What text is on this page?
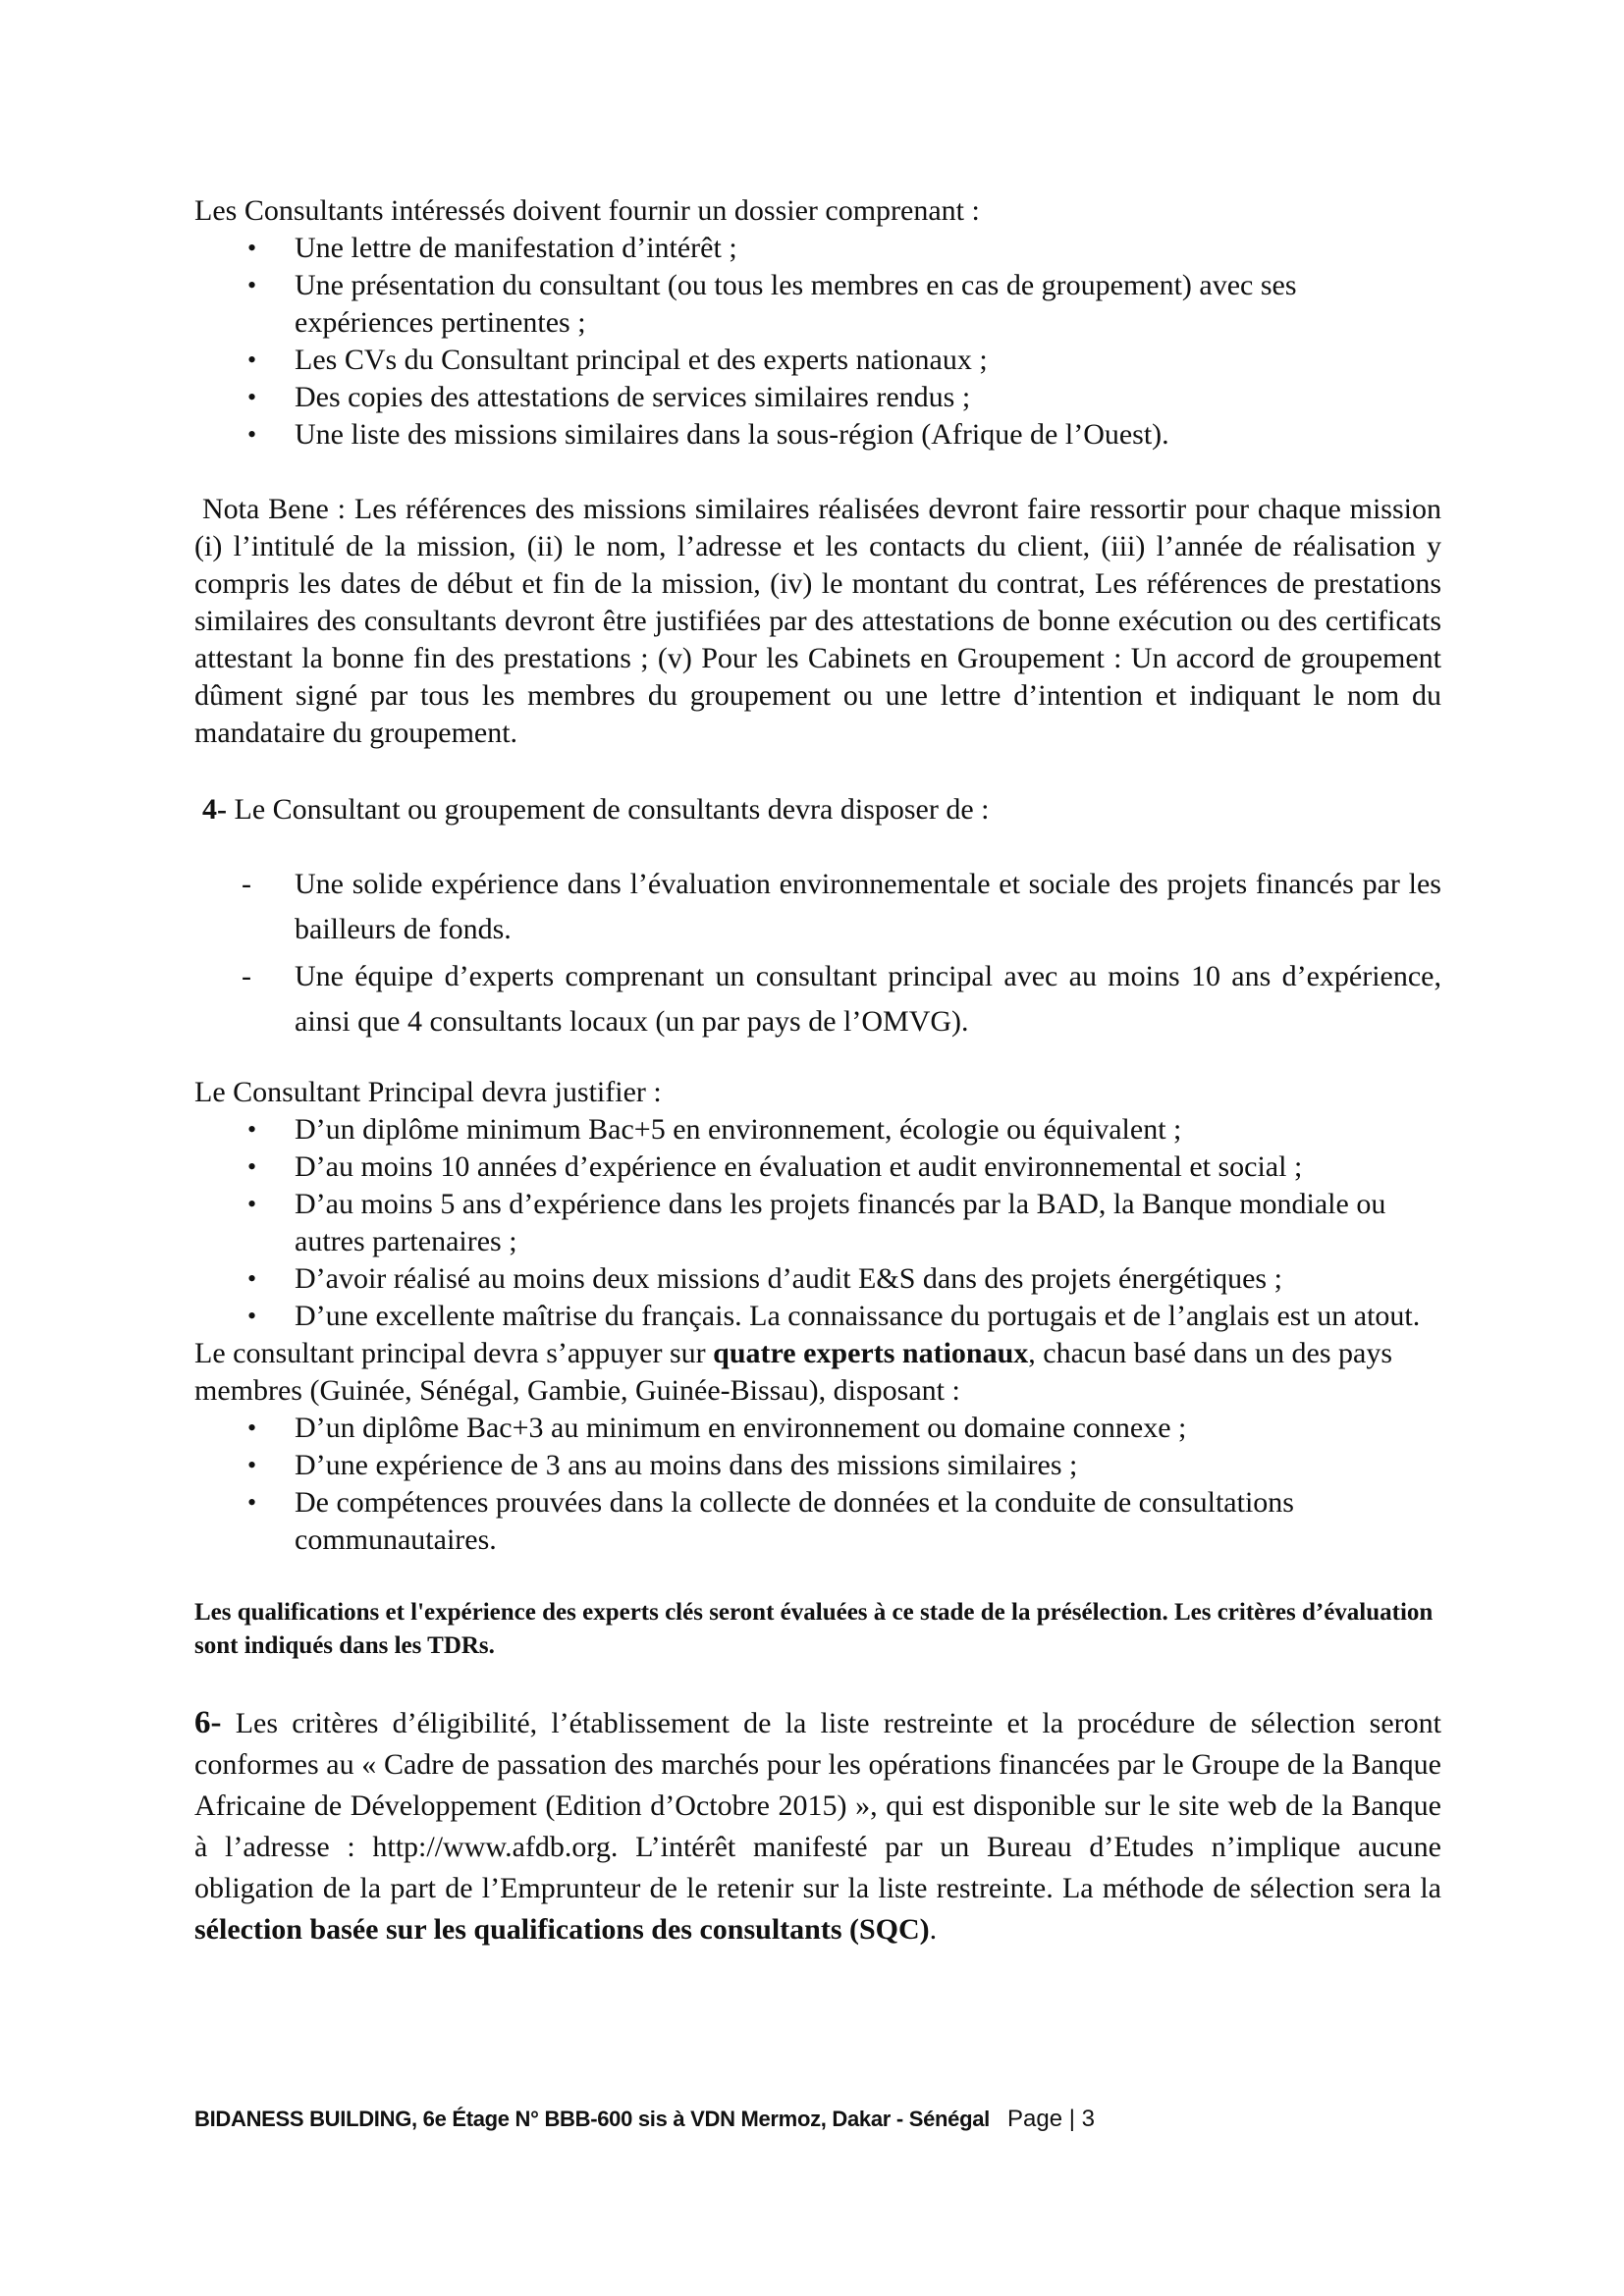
Les Consultants intéressés doivent fournir un dossier comprenant :

• Une lettre de manifestation d’intérêt ;
• Une présentation du consultant (ou tous les membres en cas de groupement) avec ses expériences pertinentes ;
• Les CVs du Consultant principal et des experts nationaux ;
• Des copies des attestations de services similaires rendus ;
• Une liste des missions similaires dans la sous-région (Afrique de l’Ouest).

Nota Bene : Les références des missions similaires réalisées devront faire ressortir pour chaque mission (i) l’intitulé de la mission, (ii) le nom, l’adresse et les contacts du client, (iii) l’année de réalisation y compris les dates de début et fin de la mission, (iv) le montant du contrat, Les références de prestations similaires des consultants devront être justifiées par des attestations de bonne exécution ou des certificats attestant la bonne fin des prestations ; (v) Pour les Cabinets en Groupement : Un accord de groupement dûment signé par tous les membres du groupement ou une lettre d’intention et indiquant le nom du mandataire du groupement.

4- Le Consultant ou groupement de consultants devra disposer de :

- Une solide expérience dans l’évaluation environnementale et sociale des projets financés par les bailleurs de fonds.
- Une équipe d’experts comprenant un consultant principal avec au moins 10 ans d’expérience, ainsi que 4 consultants locaux (un par pays de l’OMVG).

Le Consultant Principal devra justifier :

• D’un diplôme minimum Bac+5 en environnement, écologie ou équivalent ;
• D’au moins 10 années d’expérience en évaluation et audit environnemental et social ;
• D’au moins 5 ans d’expérience dans les projets financés par la BAD, la Banque mondiale ou autres partenaires ;
• D’avoir réalisé au moins deux missions d’audit E&S dans des projets énergétiques ;
• D’une excellente maîtrise du français. La connaissance du portugais et de l’anglais est un atout.

Le consultant principal devra s’appuyer sur quatre experts nationaux, chacun basé dans un des pays membres (Guinée, Sénégal, Gambie, Guinée-Bissau), disposant :

• D’un diplôme Bac+3 au minimum en environnement ou domaine connexe ;
• D’une expérience de 3 ans au moins dans des missions similaires ;
• De compétences prouvées dans la collecte de données et la conduite de consultations communautaires.

Les qualifications et l'expérience des experts clés seront évaluées à ce stade de la présélection. Les critères d’évaluation sont indiqués dans les TDRs.

6- Les critères d’éligibilité, l’établissement de la liste restreinte et la procédure de sélection seront conformes au « Cadre de passation des marchés pour les opérations financées par le Groupe de la Banque Africaine de Développement (Edition d’Octobre 2015) », qui est disponible sur le site web de la Banque à l’adresse : http://www.afdb.org. L’intérêt manifesté par un Bureau d’Etudes n’implique aucune obligation de la part de l’Emprunteur de le retenir sur la liste restreinte. La méthode de sélection sera la sélection basée sur les qualifications des consultants (SQC).

BIDANESS BUILDING, 6e Étage N° BBB-600 sis à VDN Mermoz, Dakar - Sénégal Page | 3
